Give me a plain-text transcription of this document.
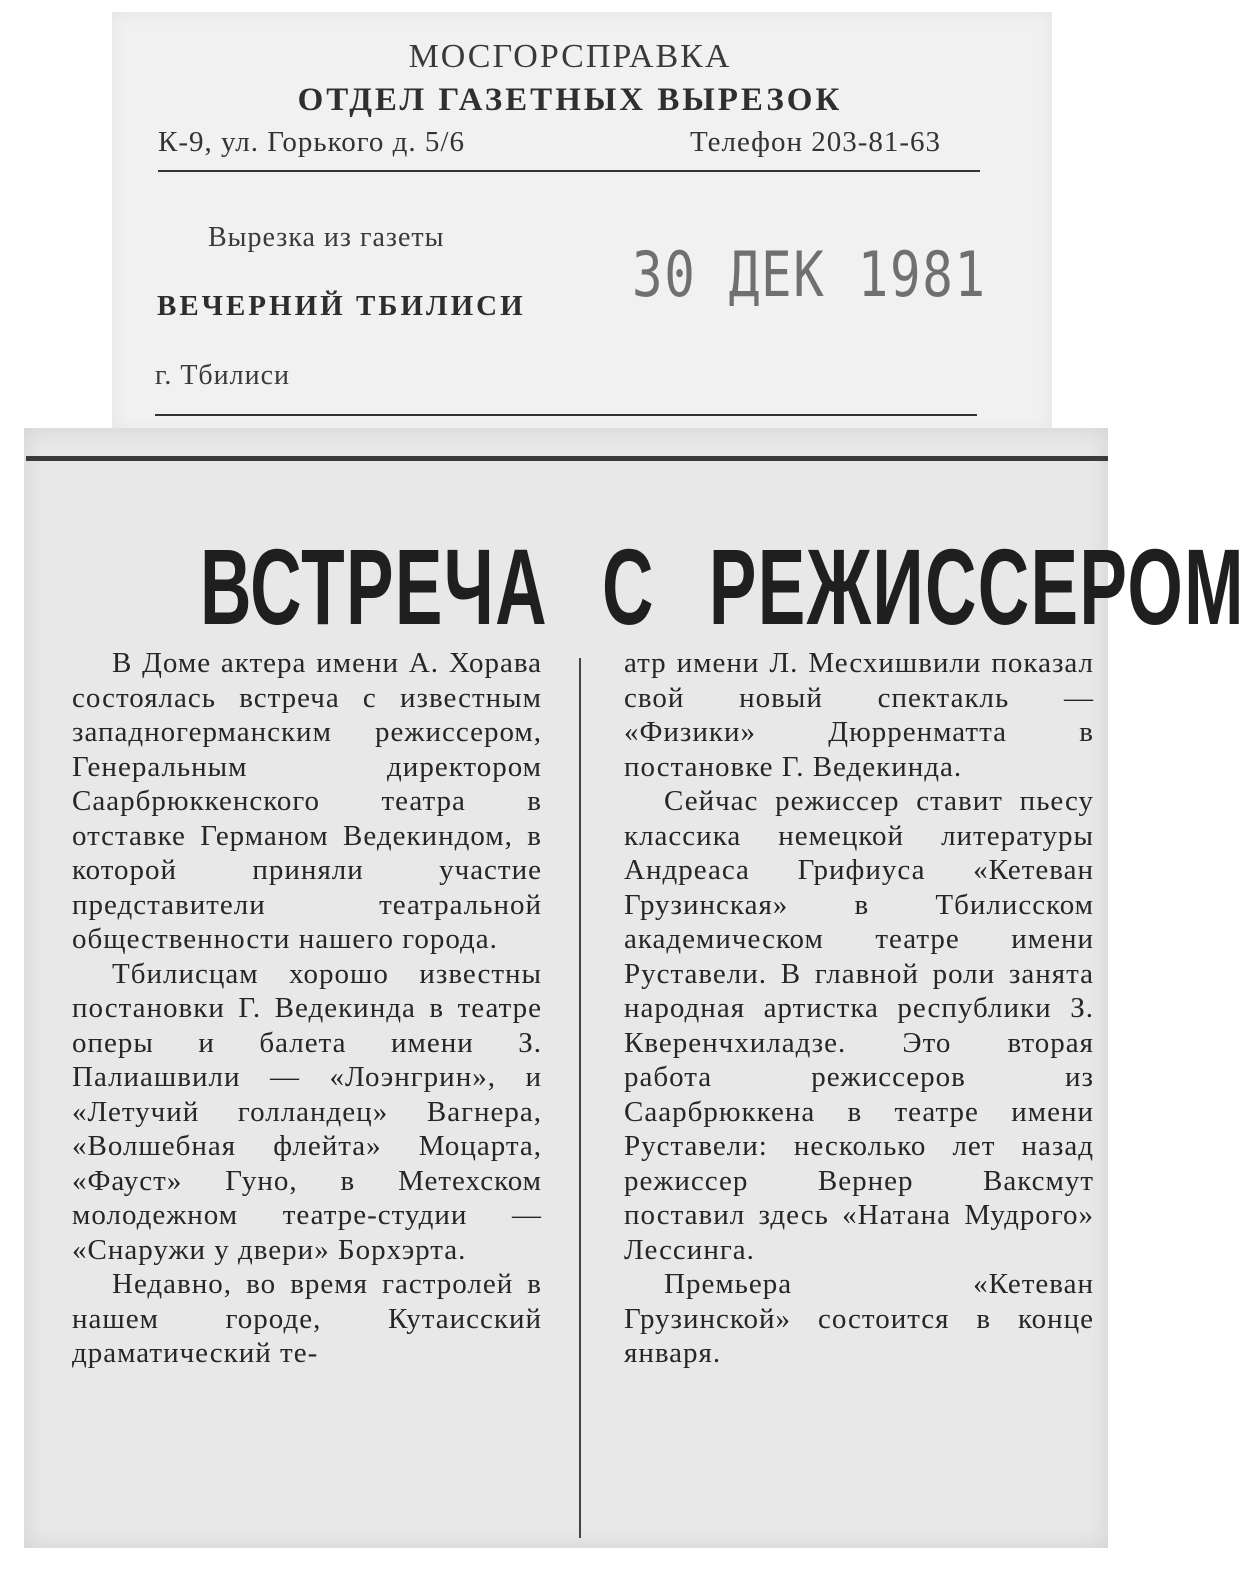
МОСГОРСПРАВКА
ОТДЕЛ ГАЗЕТНЫХ ВЫРЕЗОК
К-9, ул. Горького д. 5/6	Телефон 203-81-63
Вырезка из газеты
ВЕЧЕРНИЙ ТБИЛИСИ
г. Тбилиси
30 ДЕК 1981
ВСТРЕЧА С РЕЖИССЕРОМ

В Доме актера имени А. Хорава состоялась встреча с известным западногерманским режиссером, Генеральным директором Саарбрюккенского театра в отставке Германом Ведекиндом, в которой приняли участие представители театральной общественности нашего города.

Тбилисцам хорошо известны постановки Г. Ведекинда в театре оперы и балета имени З. Палиашвили — «Лоэнгрин», и «Летучий голландец» Вагнера, «Волшебная флейта» Моцарта, «Фауст» Гуно, в Метехском молодежном театре-студии — «Снаружи у двери» Борхэрта.

Недавно, во время гастролей в нашем городе, Кутаисский драматический те-

атр имени Л. Месхишвили показал свой новый спектакль — «Физики» Дюрренматта в постановке Г. Ведекинда.

Сейчас режиссер ставит пьесу классика немецкой литературы Андреаса Грифиуса «Кетеван Грузинская» в Тбилисском академическом театре имени Руставели. В главной роли занята народная артистка республики З. Кверенчхиладзе. Это вторая работа режиссеров из Саарбрюккена в театре имени Руставели: несколько лет назад режиссер Вернер Ваксмут поставил здесь «Натана Мудрого» Лессинга.

Премьера «Кетеван Грузинской» состоится в конце января.
